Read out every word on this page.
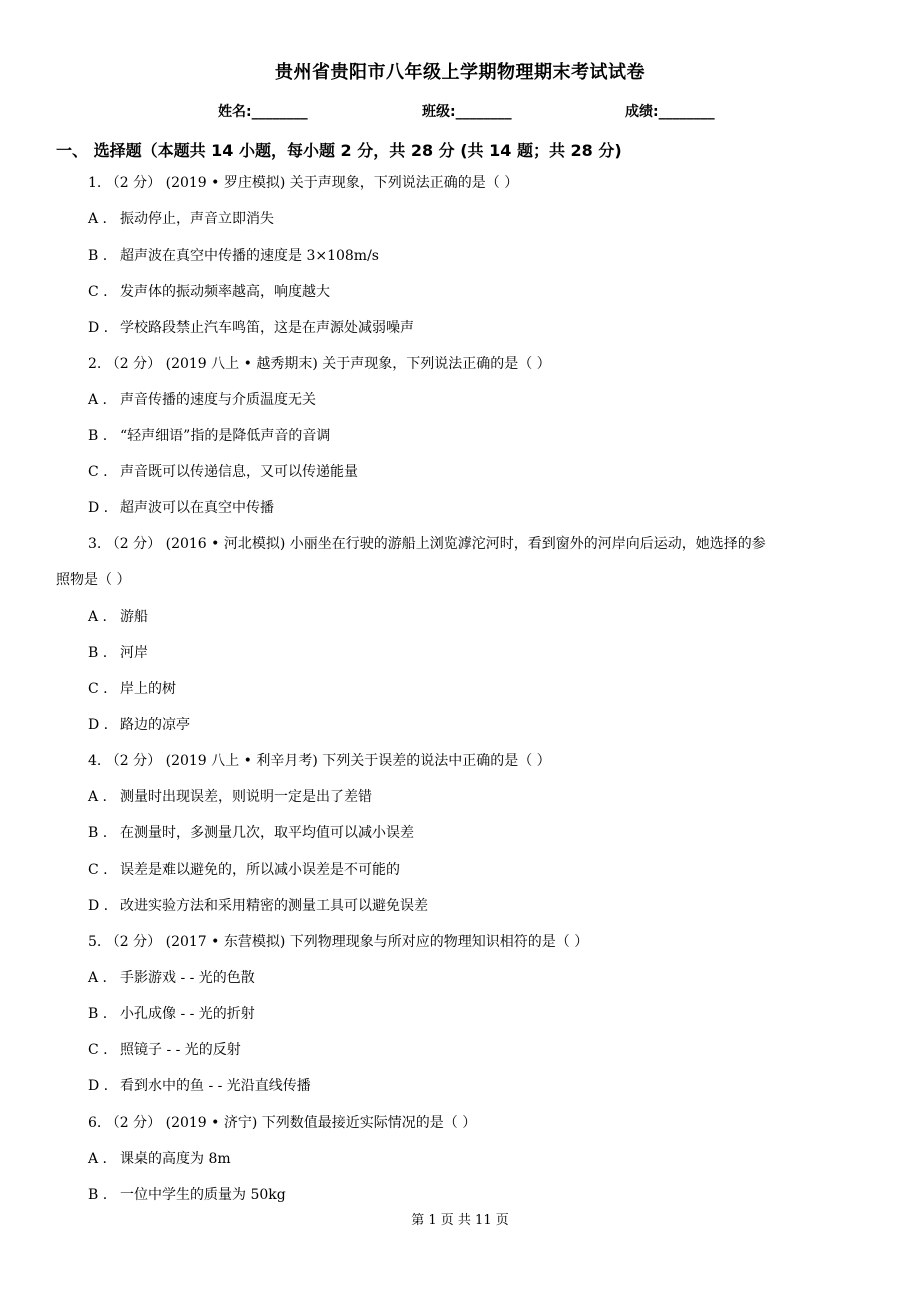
贵州省贵阳市八年级上学期物理期末考试试卷
姓名:________	班级:________	成绩:________
一、 选择题（本题共 14 小题，每小题 2 分，共 28 分 (共 14 题；共 28 分)
1. （2 分） (2019 • 罗庄模拟) 关于声现象，下列说法正确的是（ ）
A . 振动停止，声音立即消失
B . 超声波在真空中传播的速度是 3×108m/s
C . 发声体的振动频率越高，响度越大
D . 学校路段禁止汽车鸣笛，这是在声源处减弱噪声
2. （2 分） (2019 八上 • 越秀期末) 关于声现象，下列说法正确的是（ ）
A . 声音传播的速度与介质温度无关
B . “轻声细语”指的是降低声音的音调
C . 声音既可以传递信息，又可以传递能量
D . 超声波可以在真空中传播
3. （2 分） (2016 • 河北模拟) 小丽坐在行驶的游船上浏览滹沱河时，看到窗外的河岸向后运动，她选择的参
照物是（ ）
A . 游船
B . 河岸
C . 岸上的树
D . 路边的凉亭
4. （2 分） (2019 八上 • 利辛月考) 下列关于误差的说法中正确的是（ ）
A . 测量时出现误差，则说明一定是出了差错
B . 在测量时，多测量几次，取平均值可以减小误差
C . 误差是难以避免的，所以减小误差是不可能的
D . 改进实验方法和采用精密的测量工具可以避免误差
5. （2 分） (2017 • 东营模拟) 下列物理现象与所对应的物理知识相符的是（ ）
A . 手影游戏 - - 光的色散
B . 小孔成像 - - 光的折射
C . 照镜子 - - 光的反射
D . 看到水中的鱼 - - 光沿直线传播
6. （2 分） (2019 • 济宁) 下列数值最接近实际情况的是（ ）
A . 课桌的高度为 8m
B . 一位中学生的质量为 50kg
第 1 页 共 11 页
